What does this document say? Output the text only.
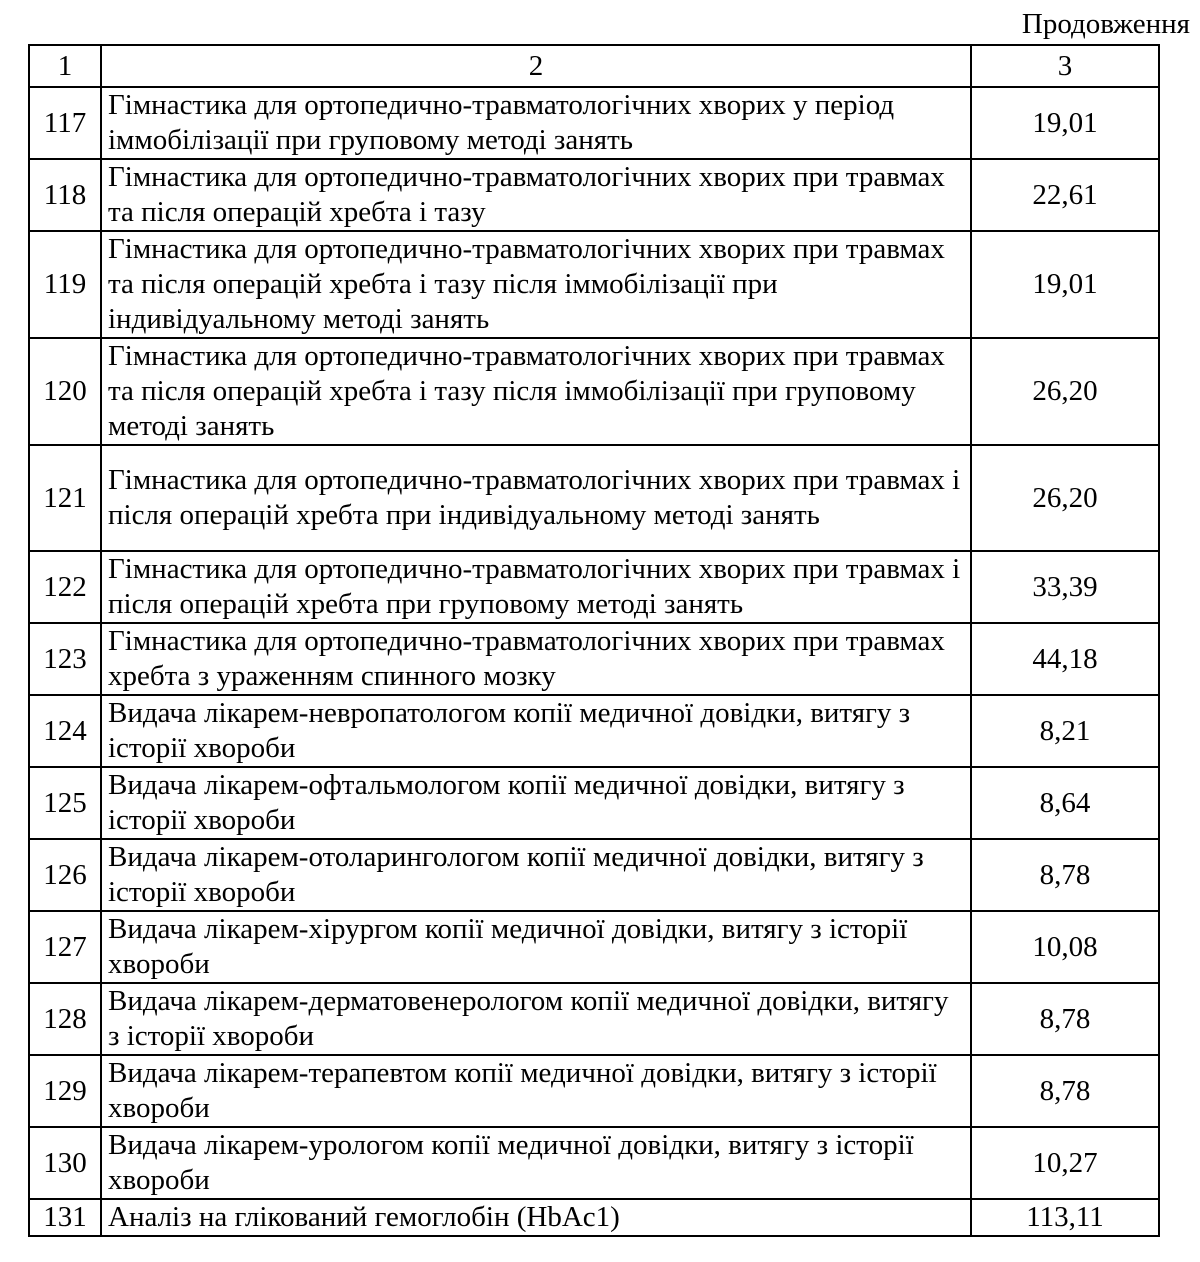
Продовження
1	2	3
117	Гімнастика для ортопедично-травматологічних хворих у період іммобілізації при груповому методі занять	19,01
118	Гімнастика для ортопедично-травматологічних хворих при травмах та після операцій хребта і тазу	22,61
119	Гімнастика для ортопедично-травматологічних хворих при травмах та після операцій хребта і тазу після іммобілізації при індивідуальному методі занять	19,01
120	Гімнастика для ортопедично-травматологічних хворих при травмах та після операцій хребта і тазу після іммобілізації при груповому методі занять	26,20
121	Гімнастика для ортопедично-травматологічних хворих при травмах і після операцій хребта при індивідуальному методі занять	26,20
122	Гімнастика для ортопедично-травматологічних хворих при травмах і після операцій хребта при груповому методі занять	33,39
123	Гімнастика для ортопедично-травматологічних хворих при травмах хребта з ураженням спинного мозку	44,18
124	Видача лікарем-невропатологом копії медичної довідки, витягу з історії хвороби	8,21
125	Видача лікарем-офтальмологом копії медичної довідки, витягу з історії хвороби	8,64
126	Видача лікарем-отоларингологом копії медичної довідки, витягу з історії хвороби	8,78
127	Видача лікарем-хірургом копії медичної довідки, витягу з історії хвороби	10,08
128	Видача лікарем-дерматовенерологом копії медичної довідки, витягу з історії хвороби	8,78
129	Видача лікарем-терапевтом копії медичної довідки, витягу з історії хвороби	8,78
130	Видача лікарем-урологом копії медичної довідки, витягу з історії хвороби	10,27
131	Аналіз на глікований гемоглобін (HbAc1)	113,11
